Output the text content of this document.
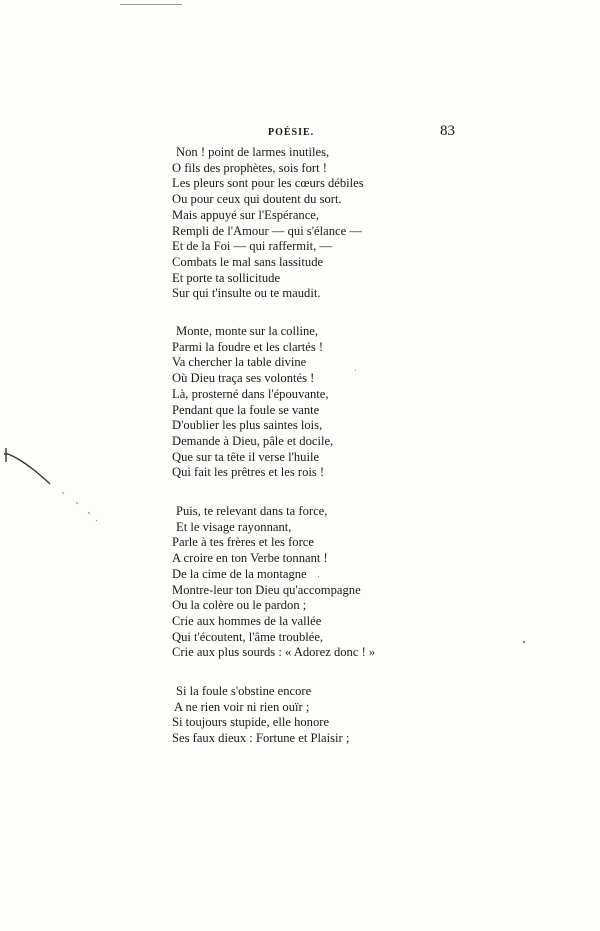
POÉSIE.	83
Non ! point de larmes inutiles,
O fils des prophètes, sois fort !
Les pleurs sont pour les cœurs débiles
Ou pour ceux qui doutent du sort.
Mais appuyé sur l'Espérance,
Rempli de l'Amour — qui s'élance —
Et de la Foi — qui raffermit, —
Combats le mal sans lassitude
Et porte ta sollicitude
Sur qui t'insulte ou te maudit.
Monte, monte sur la colline,
Parmi la foudre et les clartés !
Va chercher la table divine
Où Dieu traça ses volontés !
Là, prosterné dans l'épouvante,
Pendant que la foule se vante
D'oublier les plus saintes lois,
Demande à Dieu, pâle et docile,
Que sur ta tête il verse l'huile
Qui fait les prêtres et les rois !
Puis, te relevant dans ta force,
Et le visage rayonnant,
Parle à tes frères et les force
A croire en ton Verbe tonnant !
De la cime de la montagne
Montre-leur ton Dieu qu'accompagne
Ou la colère ou le pardon ;
Crie aux hommes de la vallée
Qui t'écoutent, l'âme troublée,
Crie aux plus sourds : « Adorez donc ! »
Si la foule s'obstine encore
A ne rien voir ni rien ouïr ;
Si toujours stupide, elle honore
Ses faux dieux : Fortune et Plaisir ;
